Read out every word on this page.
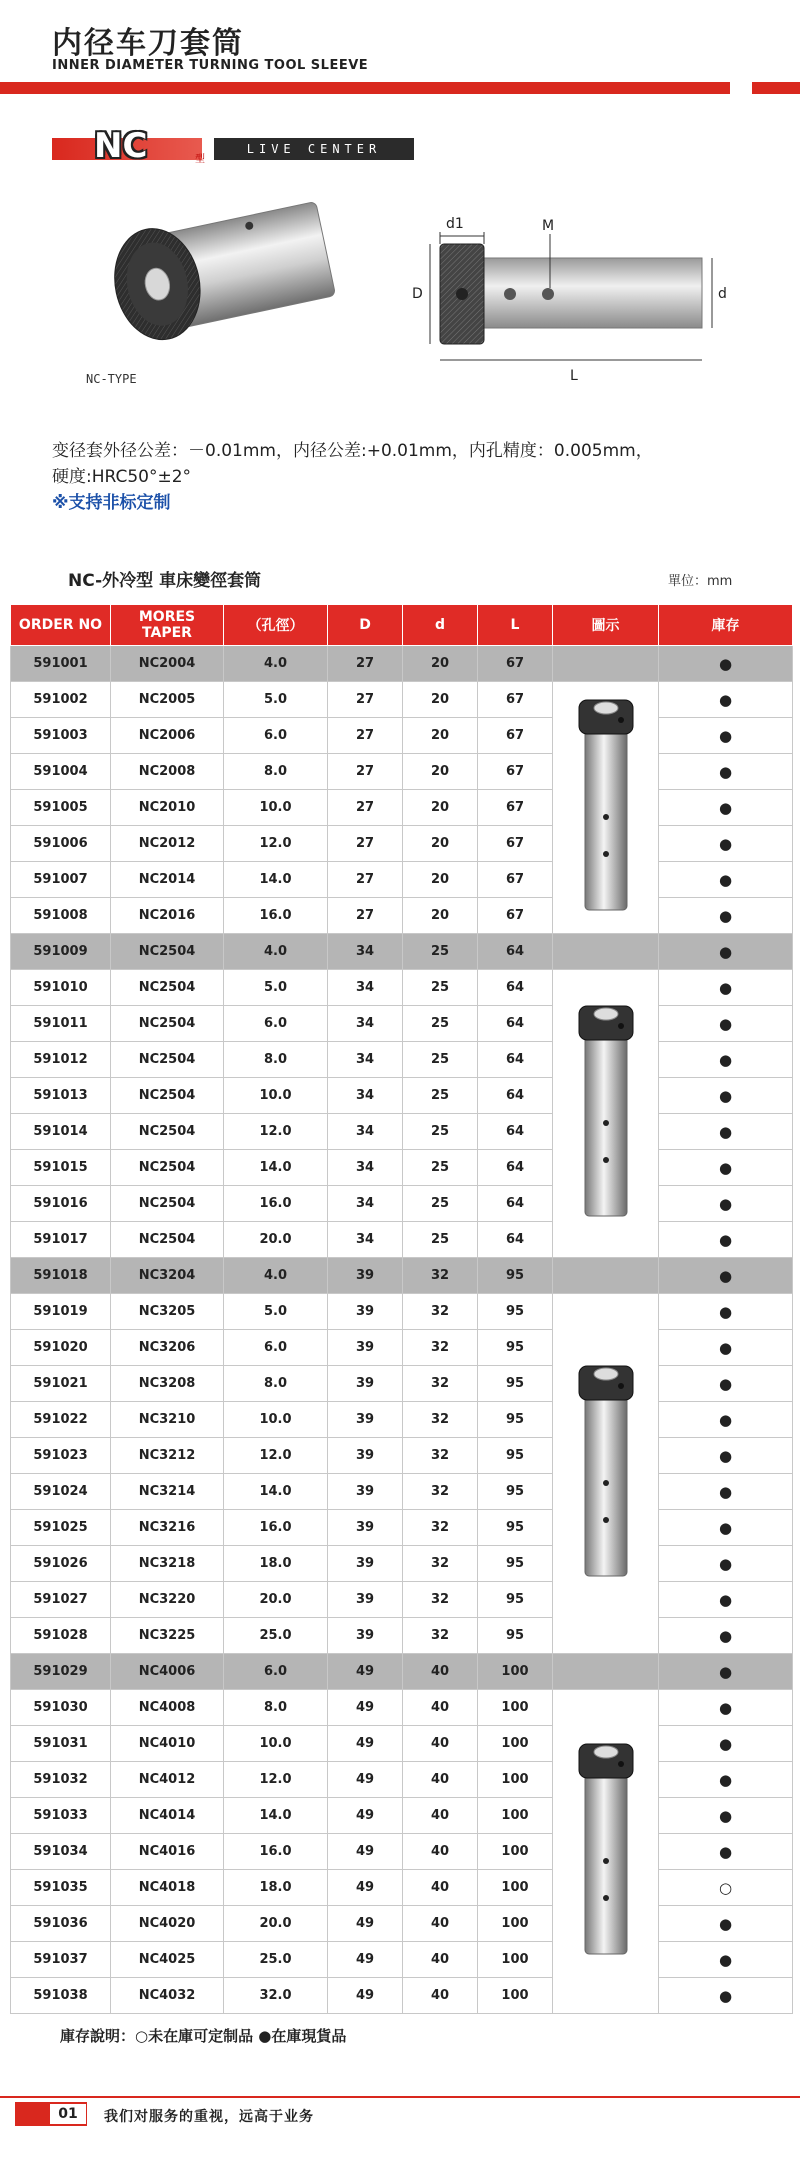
内径车刀套筒
INNER DIAMETER TURNING TOOL SLEEVE
NC	型
LIVE CENTER
NC-TYPE
d1	M
D	d
L
变径套外径公差：－0.01mm，内径公差:+0.01mm，内孔精度：0.005mm，
硬度:HRC50°±2°
※支持非标定制
NC-外冷型 車床變徑套筒	單位：mm
ORDER NO	MORES TAPER	（孔徑）	D	d	L	圖示	庫存
591001	NC2004	4.0	27	20	67		●
591002	NC2005	5.0	27	20	67		●
591003	NC2006	6.0	27	20	67		●
591004	NC2008	8.0	27	20	67		●
591005	NC2010	10.0	27	20	67		●
591006	NC2012	12.0	27	20	67		●
591007	NC2014	14.0	27	20	67		●
591008	NC2016	16.0	27	20	67		●
591009	NC2504	4.0	34	25	64		●
591010	NC2504	5.0	34	25	64		●
591011	NC2504	6.0	34	25	64		●
591012	NC2504	8.0	34	25	64		●
591013	NC2504	10.0	34	25	64		●
591014	NC2504	12.0	34	25	64		●
591015	NC2504	14.0	34	25	64		●
591016	NC2504	16.0	34	25	64		●
591017	NC2504	20.0	34	25	64		●
591018	NC3204	4.0	39	32	95		●
591019	NC3205	5.0	39	32	95		●
591020	NC3206	6.0	39	32	95		●
591021	NC3208	8.0	39	32	95		●
591022	NC3210	10.0	39	32	95		●
591023	NC3212	12.0	39	32	95		●
591024	NC3214	14.0	39	32	95		●
591025	NC3216	16.0	39	32	95		●
591026	NC3218	18.0	39	32	95		●
591027	NC3220	20.0	39	32	95		●
591028	NC3225	25.0	39	32	95		●
591029	NC4006	6.0	49	40	100		●
591030	NC4008	8.0	49	40	100		●
591031	NC4010	10.0	49	40	100		●
591032	NC4012	12.0	49	40	100		●
591033	NC4014	14.0	49	40	100		●
591034	NC4016	16.0	49	40	100		●
591035	NC4018	18.0	49	40	100		○
591036	NC4020	20.0	49	40	100		●
591037	NC4025	25.0	49	40	100		●
591038	NC4032	32.0	49	40	100		●
庫存說明：○未在庫可定制品 ●在庫現貨品
01	我们对服务的重视，远高于业务
